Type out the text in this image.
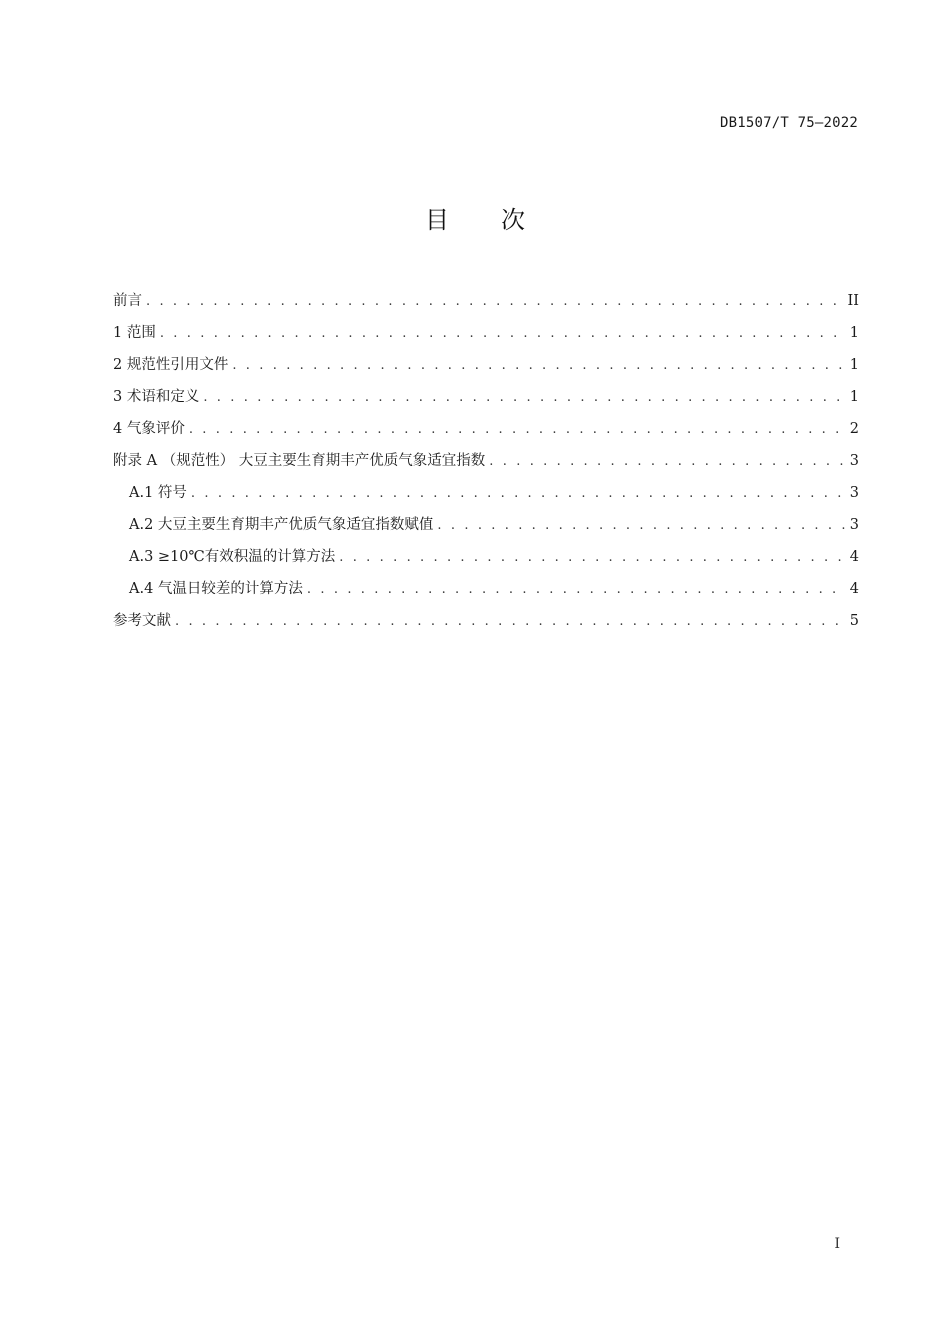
DB1507/T 75—2022
目 次
前言 . . .	II
1 范围 . . .	1
2 规范性引用文件 . . .	1
3 术语和定义 . . .	1
4 气象评价 . . .	2
附录 A （规范性） 大豆主要生育期丰产优质气象适宜指数 . . .	3
A.1 符号 . . .	3
A.2 大豆主要生育期丰产优质气象适宜指数赋值 . . .	3
A.3 ≥10℃有效积温的计算方法 . . .	4
A.4 气温日较差的计算方法 . . .	4
参考文献 . . .	5
I
